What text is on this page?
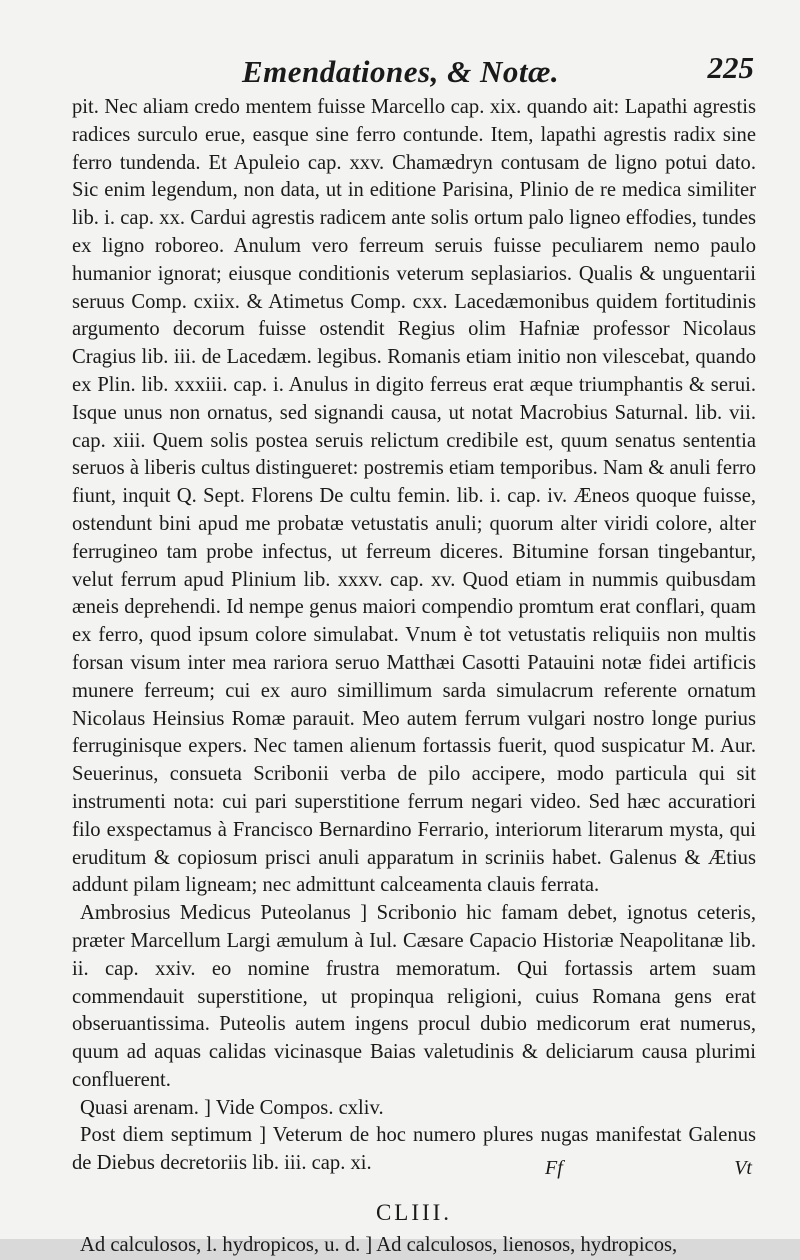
Emendationes, & Notæ.	225

pit. Nec aliam credo mentem fuisse Marcello cap. xix. quando ait: Lapathi agrestis radices surculo erue, easque sine ferro contunde. Item, lapathi agrestis radix sine ferro tundenda. Et Apuleio cap. xxv. Chamædryn contusam de ligno potui dato. Sic enim legendum, non data, ut in editione Parisina, Plinio de re medica similiter lib. i. cap. xx. Cardui agrestis radicem ante solis ortum palo ligneo effodies, tundes ex ligno roboreo. Anulum vero ferreum seruis fuisse peculiarem nemo paulo humanior ignorat; eiusque conditionis veterum seplasiarios. Qualis & unguentarii seruus Comp. cxiix. & Atimetus Comp. cxx. Lacedæmonibus quidem fortitudinis argumento decorum fuisse ostendit Regius olim Hafniæ professor Nicolaus Cragius lib. iii. de Lacedæm. legibus. Romanis etiam initio non vilescebat, quando ex Plin. lib. xxxiii. cap. i. Anulus in digito ferreus erat æque triumphantis & serui. Isque unus non ornatus, sed signandi causa, ut notat Macrobius Saturnal. lib. vii. cap. xiii. Quem solis postea seruis relictum credibile est, quum senatus sententia seruos à liberis cultus distingueret: postremis etiam temporibus. Nam & anuli ferro fiunt, inquit Q. Sept. Florens De cultu femin. lib. i. cap. iv. Æneos quoque fuisse, ostendunt bini apud me probatæ vetustatis anuli; quorum alter viridi colore, alter ferrugineo tam probe infectus, ut ferreum diceres. Bitumine forsan tingebantur, velut ferrum apud Plinium lib. xxxv. cap. xv. Quod etiam in nummis quibusdam æneis deprehendi. Id nempe genus maiori compendio promtum erat conflari, quam ex ferro, quod ipsum colore simulabat. Vnum è tot vetustatis reliquiis non multis forsan visum inter mea rariora seruo Matthæi Casotti Patauini notæ fidei artificis munere ferreum; cui ex auro simillimum sarda simulacrum referente ornatum Nicolaus Heinsius Romæ parauit. Meo autem ferrum vulgari nostro longe purius ferruginisque expers. Nec tamen alienum fortassis fuerit, quod suspicatur M. Aur. Seuerinus, consueta Scribonii verba de pilo accipere, modo particula qui sit instrumenti nota: cui pari superstitione ferrum negari video. Sed hæc accuratiori filo exspectamus à Francisco Bernardino Ferrario, interiorum literarum mysta, qui eruditum & copiosum prisci anuli apparatum in scriniis habet. Galenus & Ætius addunt pilam ligneam; nec admittunt calceamenta clauis ferrata.

Ambrosius Medicus Puteolanus ] Scribonio hic famam debet, ignotus ceteris, præter Marcellum Largi æmulum à Iul. Cæsare Capacio Historiæ Neapolitanæ lib. ii. cap. xxiv. eo nomine frustra memoratum. Qui fortassis artem suam commendauit superstitione, ut propinqua religioni, cuius Romana gens erat obseruantissima. Puteolis autem ingens procul dubio medicorum erat numerus, quum ad aquas calidas vicinasque Baias valetudinis & deliciarum causa plurimi confluerent.

Quasi arenam. ] Vide Compos. cxliv.

Post diem septimum ] Veterum de hoc numero plures nugas manifestat Galenus de Diebus decretoriis lib. iii. cap. xi.

CLIII.
Ad calculosos, l. hydropicos, u. d. ] Ad calculosos, lienosos, hydropicos,
Ff	Vt
